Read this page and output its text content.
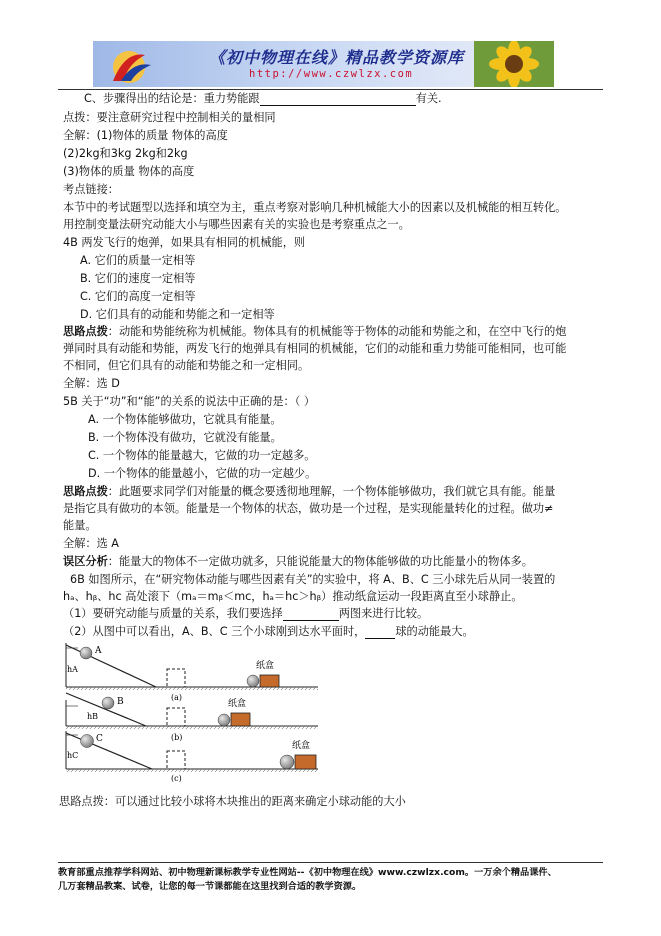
《初中物理在线》精品教学资源库
http://www.czwlzx.com
C、步骤得出的结论是：重力势能跟	有关.
点拨：要注意研究过程中控制相关的量相同
全解：(1)物体的质量 物体的高度
(2)2kg和3kg 2kg和2kg
(3)物体的质量 物体的高度
考点链接：
本节中的考试题型以选择和填空为主，重点考察对影响几种机械能大小的因素以及机械能的相互转化。
用控制变量法研究动能大小与哪些因素有关的实验也是考察重点之一。
4B 两发飞行的炮弹，如果具有相同的机械能，则
A. 它们的质量一定相等
B. 它们的速度一定相等
C. 它们的高度一定相等
D. 它们具有的动能和势能之和一定相等
思路点拨：动能和势能统称为机械能。物体具有的机械能等于物体的动能和势能之和，在空中飞行的炮
弹同时具有动能和势能，两发飞行的炮弹具有相同的机械能，它们的动能和重力势能可能相同，也可能
不相同，但它们具有的动能和势能之和一定相同。
全解：选 D
5B 关于“功”和“能”的关系的说法中正确的是：（ ）
A. 一个物体能够做功，它就具有能量。
B. 一个物体没有做功，它就没有能量。
C. 一个物体的能量越大，它做的功一定越多。
D. 一个物体的能量越小，它做的功一定越少。
思路点拨：此题要求同学们对能量的概念要透彻地理解，一个物体能够做功，我们就它具有能。能量
是指它具有做功的本领。能量是一个物体的状态，做功是一个过程，是实现能量转化的过程。做功≠
能量。
全解：选 A
误区分析：能量大的物体不一定做功就多，只能说能量大的物体能够做的功比能量小的物体多。
6B 如图所示，在“研究物体动能与哪些因素有关”的实验中，将 A、B、C 三小球先后从同一装置的
hₐ、hᵦ、hᴄ 高处滚下（mₐ＝mᵦ＜mᴄ，hₐ＝hᴄ＞hᵦ）推动纸盒运动一段距离直至小球静止。
（1）要研究动能与质量的关系，我们要选择	两图来进行比较。
（2）从图中可以看出，A、B、C 三个小球刚到达水平面时，	球的动能最大。
A
hA	纸盒
(a)
B
hB
纸盒
(b)
C
hC
纸盒
(c)
思路点拨：可以通过比较小球将木块推出的距离来确定小球动能的大小
教育部重点推荐学科网站、初中物理新课标教学专业性网站--《初中物理在线》www.czwlzx.com。一万余个精品课件、
几万套精品教案、试卷，让您的每一节课都能在这里找到合适的教学资源。
